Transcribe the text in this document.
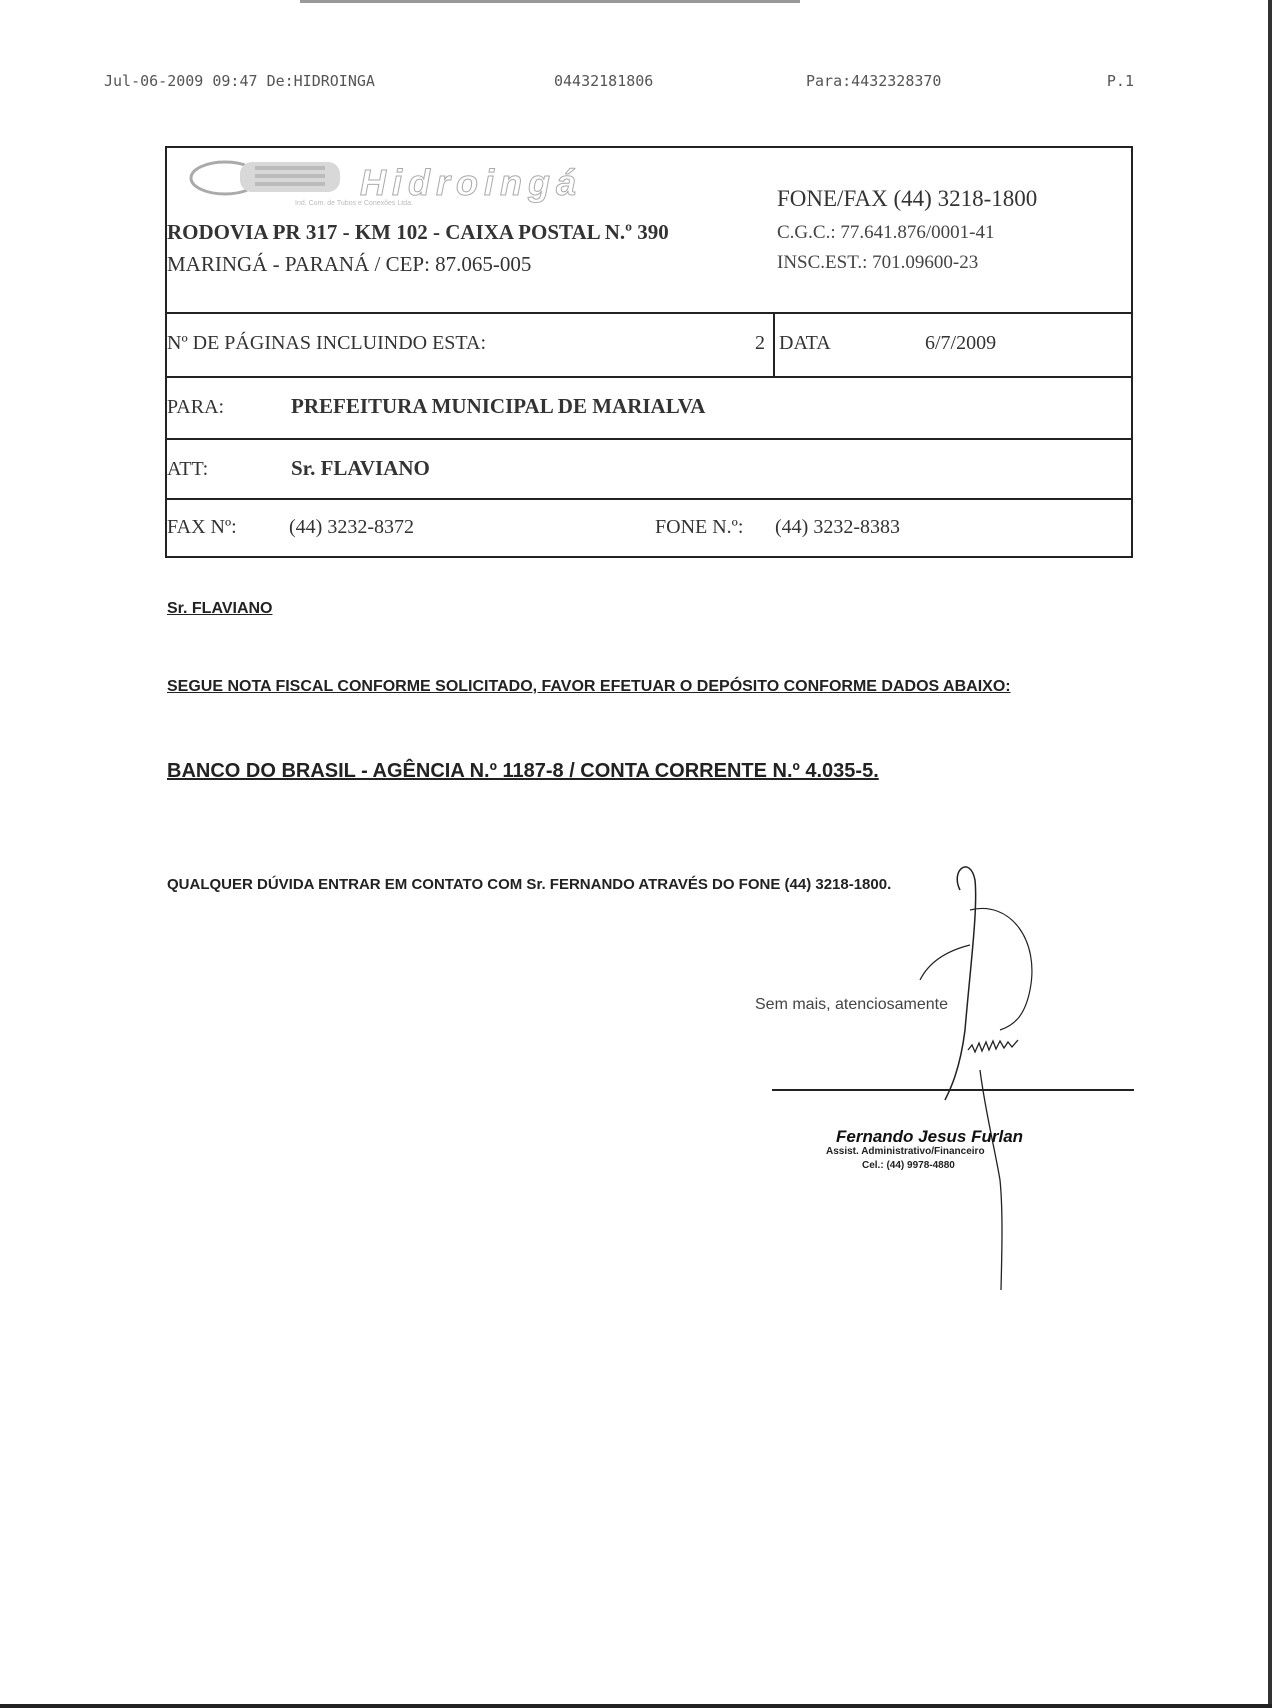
Jul-06-2009 09:47 De:HIDROINGA	04432181806	Para:4432328370	P.1
Hidroingá
Ind. Com. de Tubos e Conexões Ltda.
RODOVIA PR 317 - KM 102 - CAIXA POSTAL N.º 390
MARINGÁ - PARANÁ / CEP: 87.065-005
FONE/FAX (44) 3218-1800
C.G.C.: 77.641.876/0001-41
INSC.EST.: 701.09600-23
Nº DE PÁGINAS INCLUINDO ESTA:	2 DATA	6/7/2009
PARA:	PREFEITURA MUNICIPAL DE MARIALVA
ATT:	Sr. FLAVIANO
FAX Nº:	(44) 3232-8372	FONE N.º: (44) 3232-8383
Sr. FLAVIANO
SEGUE NOTA FISCAL CONFORME SOLICITADO, FAVOR EFETUAR O DEPÓSITO CONFORME DADOS ABAIXO:
BANCO DO BRASIL - AGÊNCIA N.º 1187-8 / CONTA CORRENTE N.º 4.035-5.
QUALQUER DÚVIDA ENTRAR EM CONTATO COM Sr. FERNANDO ATRAVÉS DO FONE (44) 3218-1800.
Sem mais, atenciosamente
Fernando Jesus Furlan
Assist. Administrativo/Financeiro
Cel.: (44) 9978-4880
